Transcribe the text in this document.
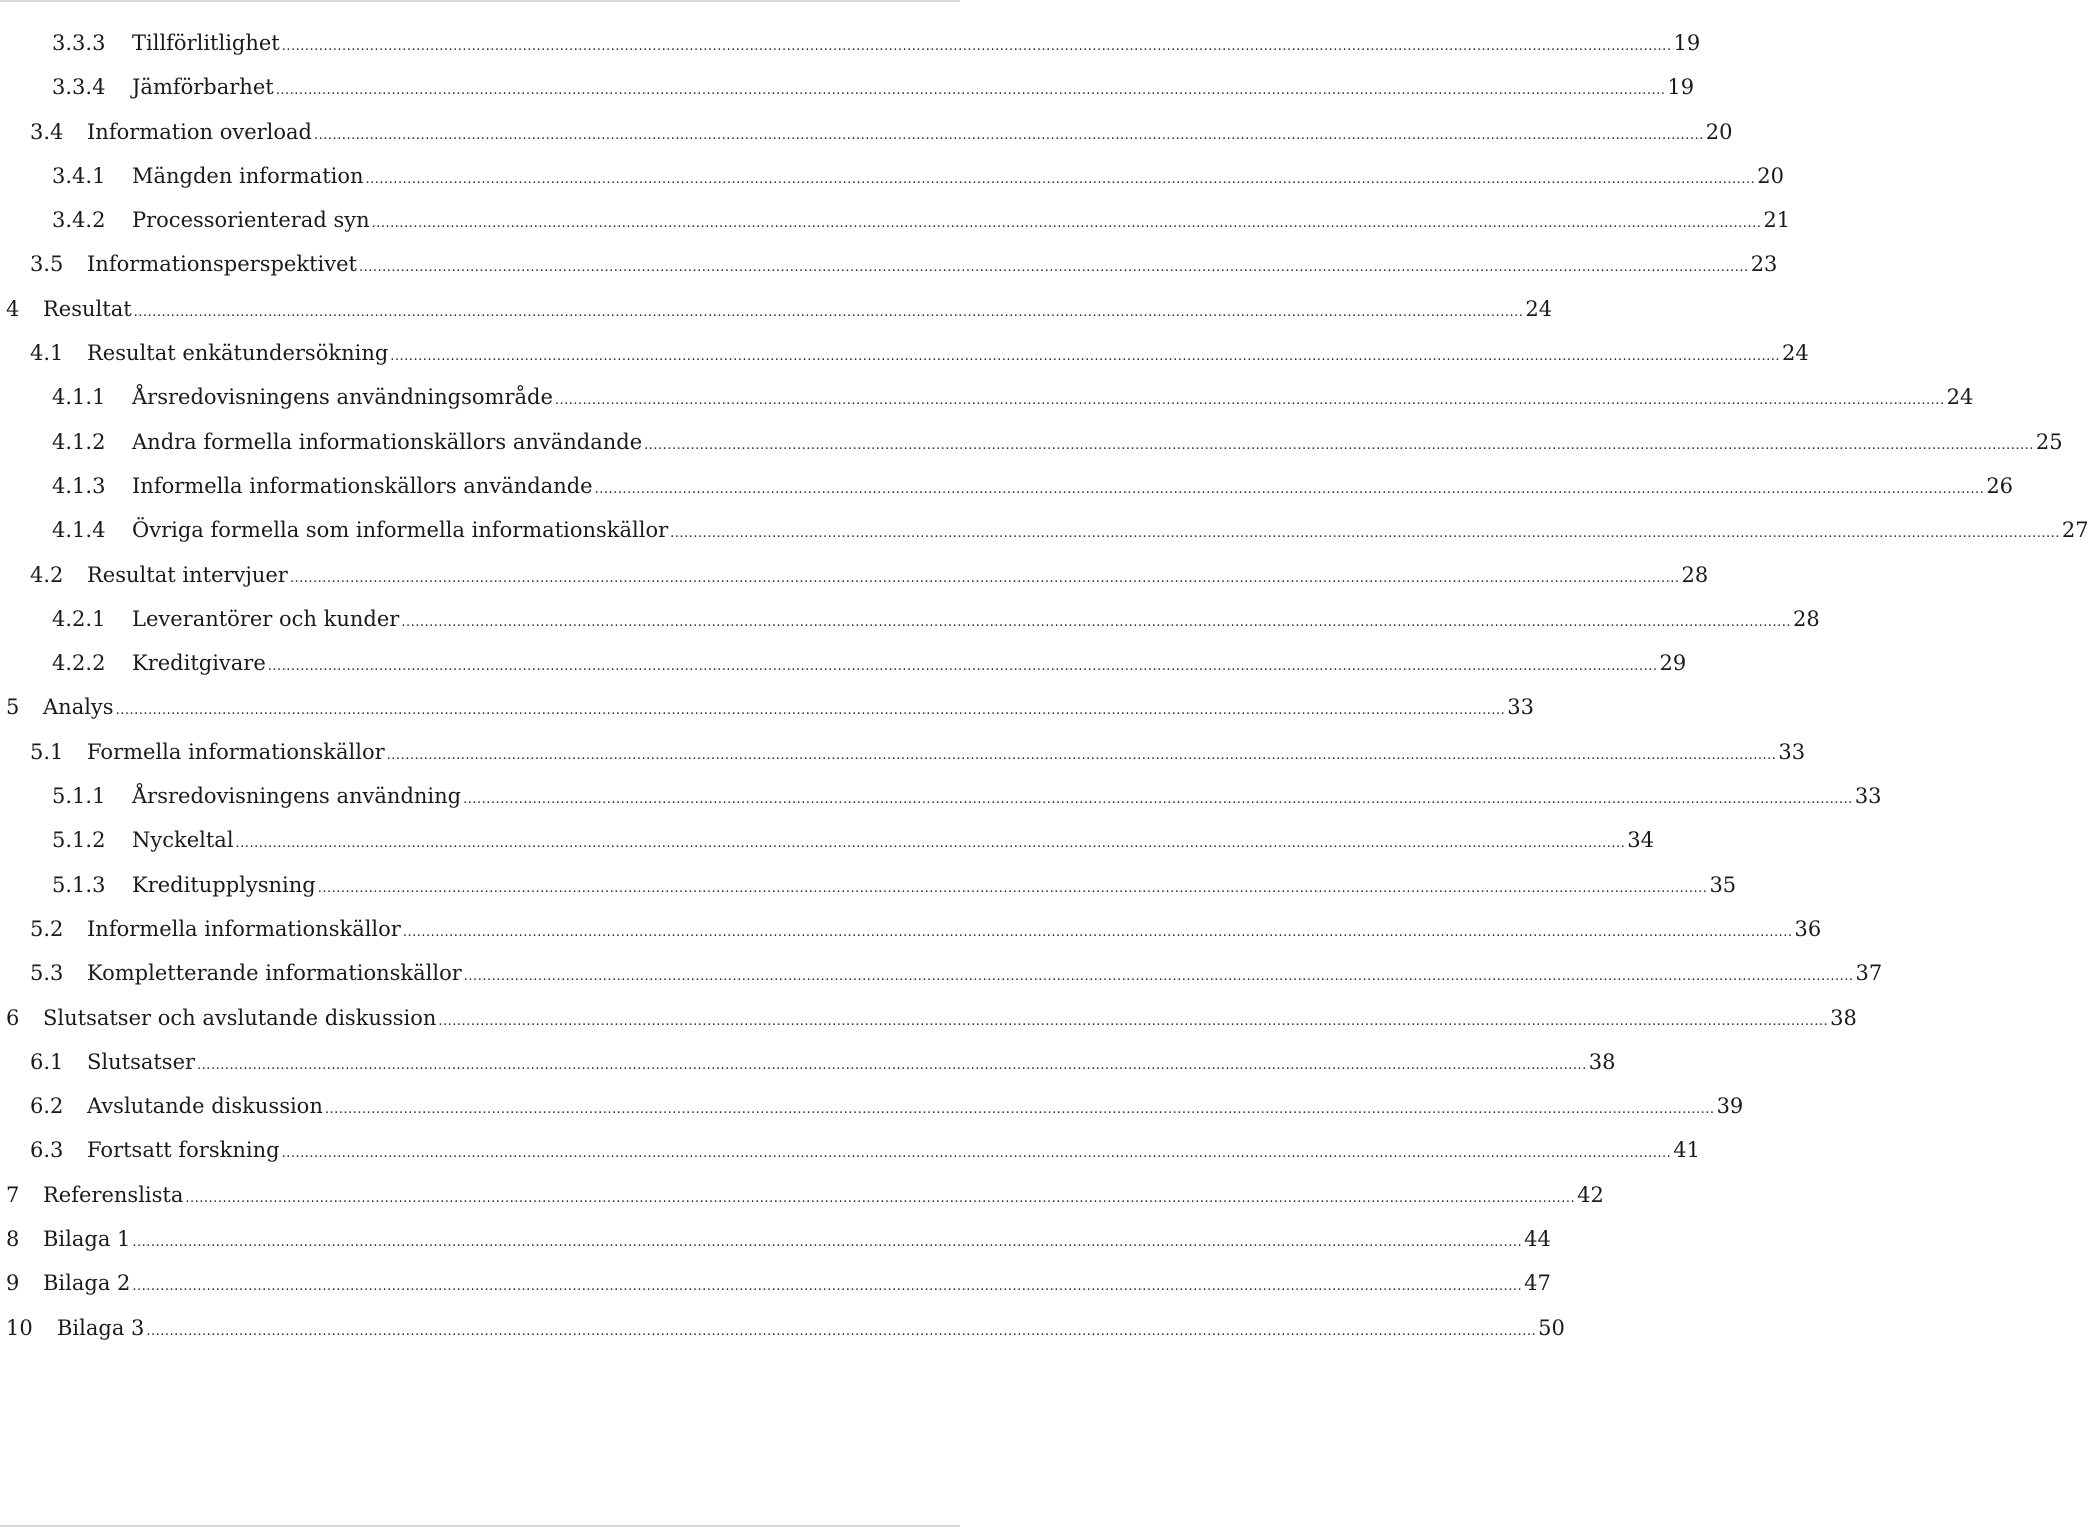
3.3.3 Tillförlitlighet ............................................................................................................................................................................................................................................................................................................ 19
3.3.4 Jämförbarhet ............................................................................................................................................................................................................................................................................................................ 19
3.4 Information overload ............................................................................................................................................................................................................................................................................................................ 20
3.4.1 Mängden information ............................................................................................................................................................................................................................................................................................................ 20
3.4.2 Processorienterad syn ............................................................................................................................................................................................................................................................................................................ 21
3.5 Informationsperspektivet ............................................................................................................................................................................................................................................................................................................ 23
4 Resultat ............................................................................................................................................................................................................................................................................................................ 24
4.1 Resultat enkätundersökning ............................................................................................................................................................................................................................................................................................................ 24
4.1.1 Årsredovisningens användningsområde ............................................................................................................................................................................................................................................................................................................ 24
4.1.2 Andra formella informationskällors användande ............................................................................................................................................................................................................................................................................................................ 25
4.1.3 Informella informationskällors användande ............................................................................................................................................................................................................................................................................................................ 26
4.1.4 Övriga formella som informella informationskällor ............................................................................................................................................................................................................................................................................................................ 27
4.2 Resultat intervjuer ............................................................................................................................................................................................................................................................................................................ 28
4.2.1 Leverantörer och kunder ............................................................................................................................................................................................................................................................................................................ 28
4.2.2 Kreditgivare ............................................................................................................................................................................................................................................................................................................ 29
5 Analys ............................................................................................................................................................................................................................................................................................................ 33
5.1 Formella informationskällor ............................................................................................................................................................................................................................................................................................................ 33
5.1.1 Årsredovisningens användning ............................................................................................................................................................................................................................................................................................................ 33
5.1.2 Nyckeltal ............................................................................................................................................................................................................................................................................................................ 34
5.1.3 Kreditupplysning ............................................................................................................................................................................................................................................................................................................ 35
5.2 Informella informationskällor ............................................................................................................................................................................................................................................................................................................ 36
5.3 Kompletterande informationskällor ............................................................................................................................................................................................................................................................................................................ 37
6 Slutsatser och avslutande diskussion ............................................................................................................................................................................................................................................................................................................ 38
6.1 Slutsatser ............................................................................................................................................................................................................................................................................................................ 38
6.2 Avslutande diskussion ............................................................................................................................................................................................................................................................................................................ 39
6.3 Fortsatt forskning ............................................................................................................................................................................................................................................................................................................ 41
7 Referenslista ............................................................................................................................................................................................................................................................................................................ 42
8 Bilaga 1 ............................................................................................................................................................................................................................................................................................................ 44
9 Bilaga 2 ............................................................................................................................................................................................................................................................................................................ 47
10 Bilaga 3 ............................................................................................................................................................................................................................................................................................................ 50
